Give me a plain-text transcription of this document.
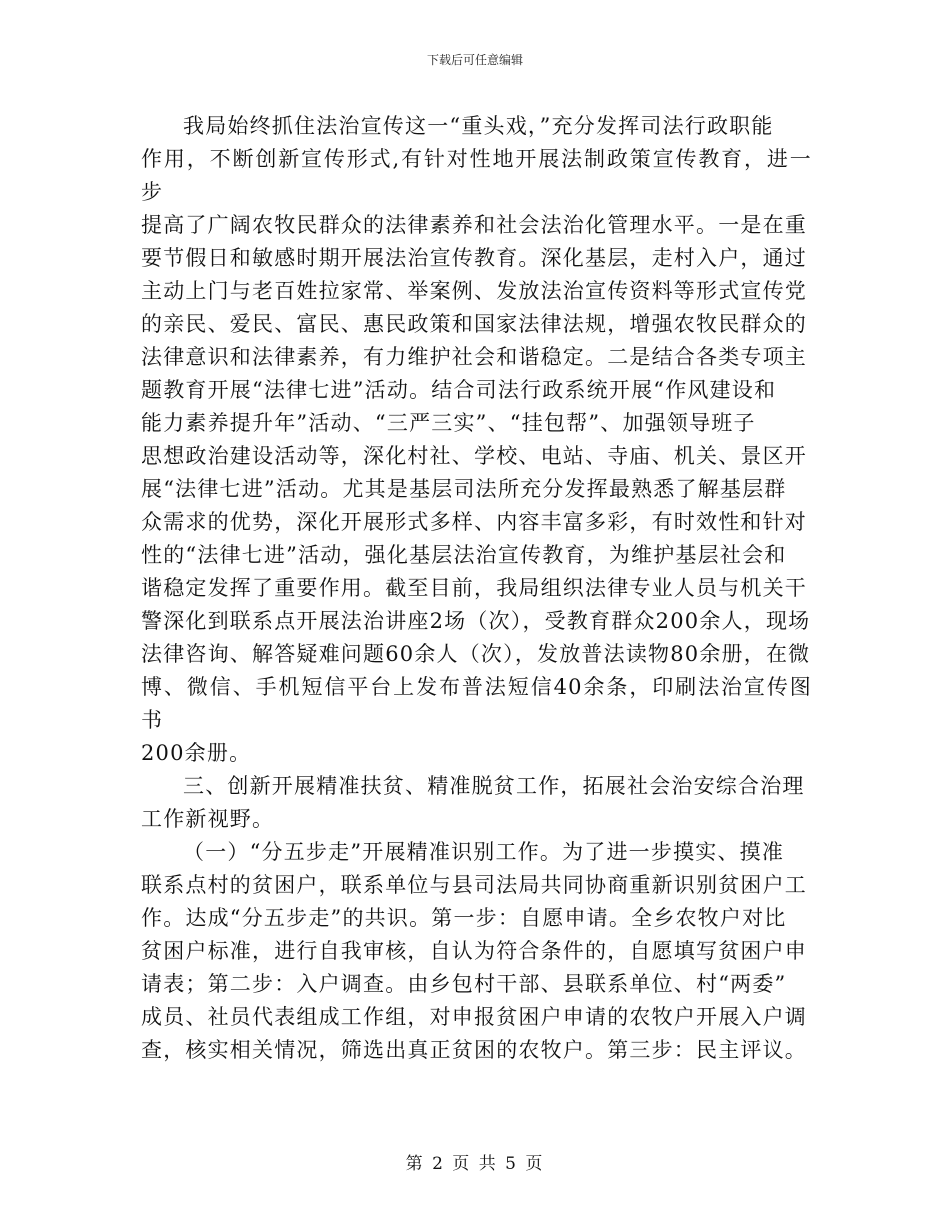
下载后可任意编辑

我局始终抓住法治宣传这一“重头戏，”充分发挥司法行政职能
作用，不断创新宣传形式,有针对性地开展法制政策宣传教育，进一步
提高了广阔农牧民群众的法律素养和社会法治化管理水平。一是在重
要节假日和敏感时期开展法治宣传教育。深化基层，走村入户，通过
主动上门与老百姓拉家常、举案例、发放法治宣传资料等形式宣传党
的亲民、爱民、富民、惠民政策和国家法律法规，增强农牧民群众的
法律意识和法律素养，有力维护社会和谐稳定。二是结合各类专项主
题教育开展“法律七进”活动。结合司法行政系统开展“作风建设和
能力素养提升年”活动、“三严三实”、“挂包帮”、加强领导班子
思想政治建设活动等，深化村社、学校、电站、寺庙、机关、景区开
展“法律七进”活动。尤其是基层司法所充分发挥最熟悉了解基层群
众需求的优势，深化开展形式多样、内容丰富多彩，有时效性和针对
性的“法律七进”活动，强化基层法治宣传教育，为维护基层社会和
谐稳定发挥了重要作用。截至目前，我局组织法律专业人员与机关干
警深化到联系点开展法治讲座2场（次），受教育群众200余人，现场
法律咨询、解答疑难问题60余人（次），发放普法读物80余册，在微
博、微信、手机短信平台上发布普法短信40余条，印刷法治宣传图书
200余册。

三、创新开展精准扶贫、精准脱贫工作，拓展社会治安综合治理
工作新视野。

（一）“分五步走”开展精准识别工作。为了进一步摸实、摸准
联系点村的贫困户，联系单位与县司法局共同协商重新识别贫困户工
作。达成“分五步走”的共识。第一步：自愿申请。全乡农牧户对比
贫困户标准，进行自我审核，自认为符合条件的，自愿填写贫困户申
请表；第二步：入户调查。由乡包村干部、县联系单位、村“两委”
成员、社员代表组成工作组，对申报贫困户申请的农牧户开展入户调
查，核实相关情况，筛选出真正贫困的农牧户。第三步：民主评议。

第 2 页 共 5 页
